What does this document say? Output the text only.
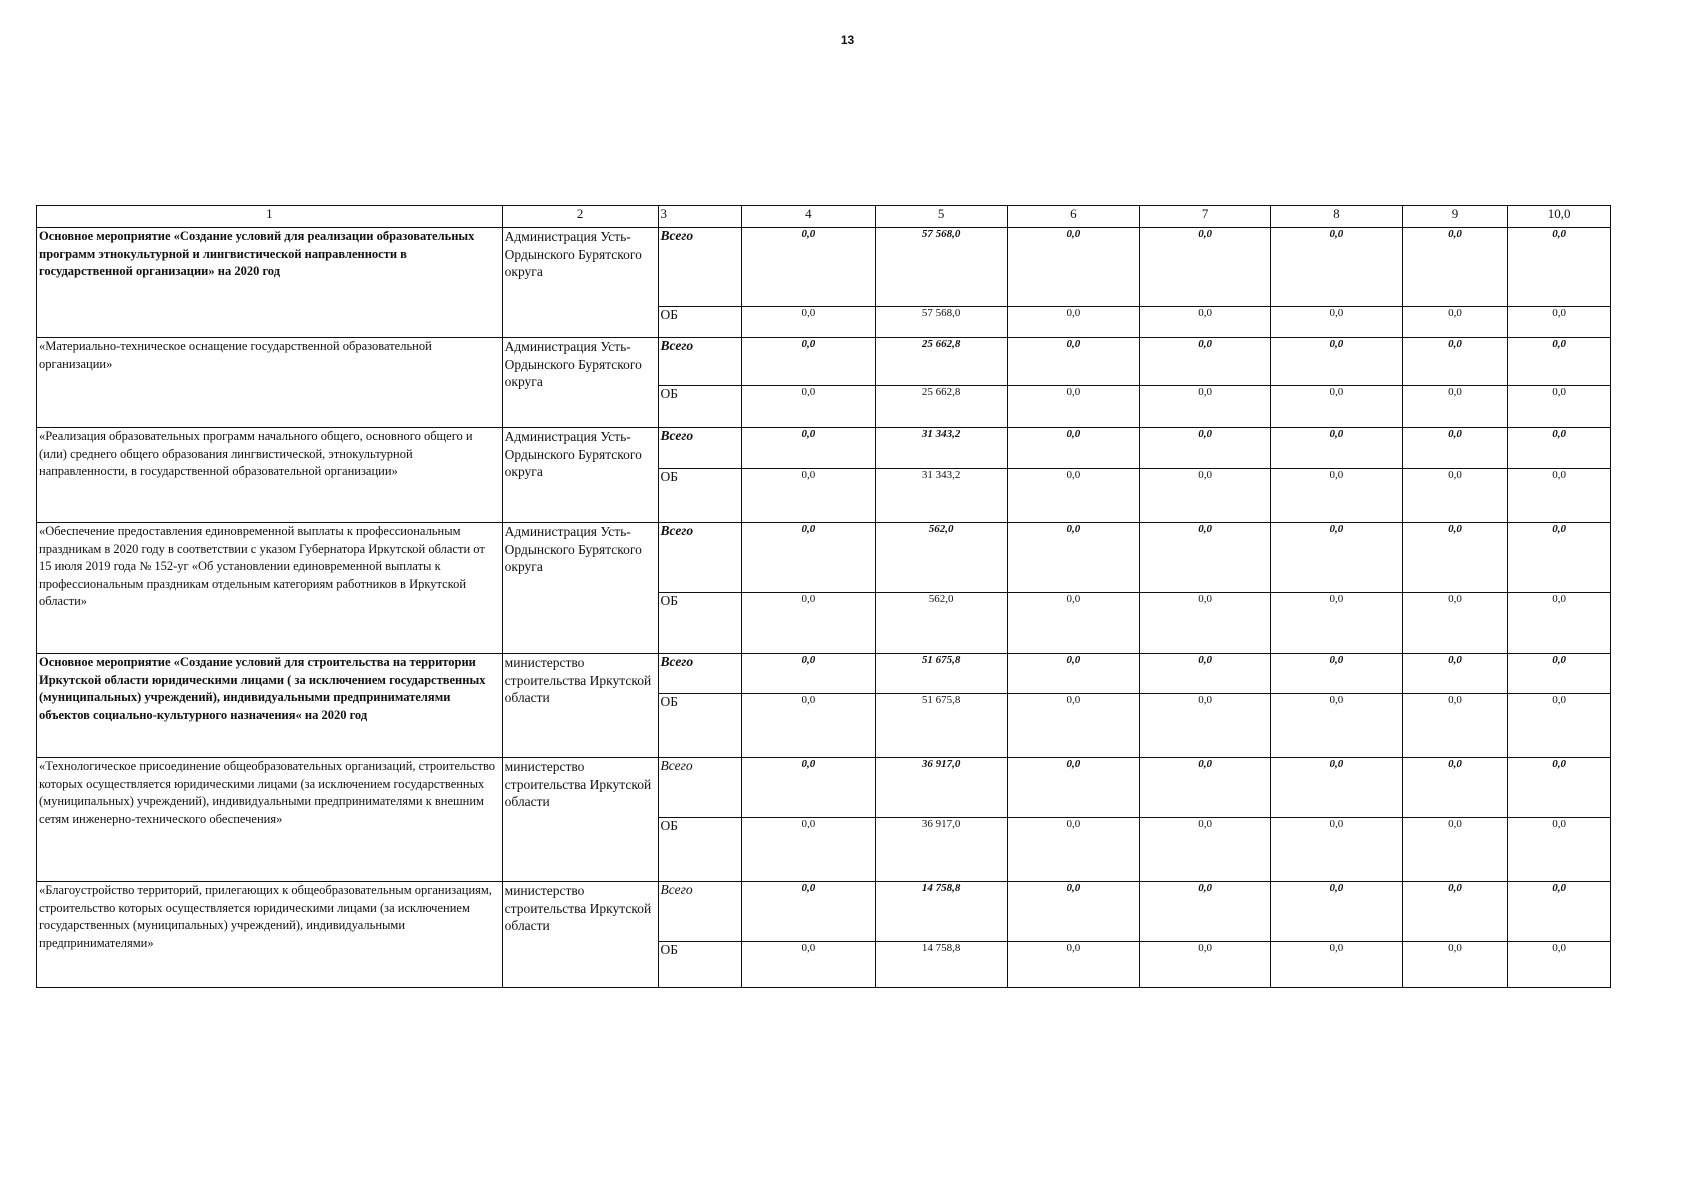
13
1	2	3	4	5	6	7	8	9	10,0
Основное мероприятие «Создание условий для реализации образовательных программ этнокультурной и лингвистической направленности в государственной организации» на 2020 год	Администрация Усть-Ордынского Бурятского округа	Всего	0,0	57 568,0	0,0	0,0	0,0	0,0	0,0
		ОБ	0,0	57 568,0	0,0	0,0	0,0	0,0	0,0
«Материально-техническое оснащение государственной образовательной организации»	Администрация Усть-Ордынского Бурятского округа	Всего	0,0	25 662,8	0,0	0,0	0,0	0,0	0,0
		ОБ	0,0	25 662,8	0,0	0,0	0,0	0,0	0,0
«Реализация образовательных программ начального общего, основного общего и (или) среднего общего образования лингвистической, этнокультурной направленности, в государственной образовательной организации»	Администрация Усть-Ордынского Бурятского округа	Всего	0,0	31 343,2	0,0	0,0	0,0	0,0	0,0
		ОБ	0,0	31 343,2	0,0	0,0	0,0	0,0	0,0
«Обеспечение предоставления единовременной выплаты к профессиональным праздникам в 2020 году в соответствии с указом Губернатора Иркутской области от 15 июля 2019 года № 152-уг «Об установлении единовременной выплаты к профессиональным праздникам отдельным категориям работников в Иркутской области»	Администрация Усть-Ордынского Бурятского округа	Всего	0,0	562,0	0,0	0,0	0,0	0,0	0,0
		ОБ	0,0	562,0	0,0	0,0	0,0	0,0	0,0
Основное мероприятие «Создание условий для строительства на территории Иркутской области юридическими лицами ( за исключением государственных (муниципальных) учреждений), индивидуальными предпринимателями объектов социально-культурного назначения« на 2020 год	министерство строительства Иркутской области	Всего	0,0	51 675,8	0,0	0,0	0,0	0,0	0,0
		ОБ	0,0	51 675,8	0,0	0,0	0,0	0,0	0,0
«Технологическое присоединение общеобразовательных организаций, строительство которых осуществляется юридическими лицами (за исключением государственных (муниципальных) учреждений), индивидуальными предпринимателями к внешним сетям инженерно-технического обеспечения»	министерство строительства Иркутской области	Всего	0,0	36 917,0	0,0	0,0	0,0	0,0	0,0
		ОБ	0,0	36 917,0	0,0	0,0	0,0	0,0	0,0
«Благоустройство территорий, прилегающих к общеобразовательным организациям, строительство которых осуществляется юридическими лицами (за исключением государственных (муниципальных) учреждений), индивидуальными предпринимателями»	министерство строительства Иркутской области	Всего	0,0	14 758,8	0,0	0,0	0,0	0,0	0,0
		ОБ	0,0	14 758,8	0,0	0,0	0,0	0,0	0,0
